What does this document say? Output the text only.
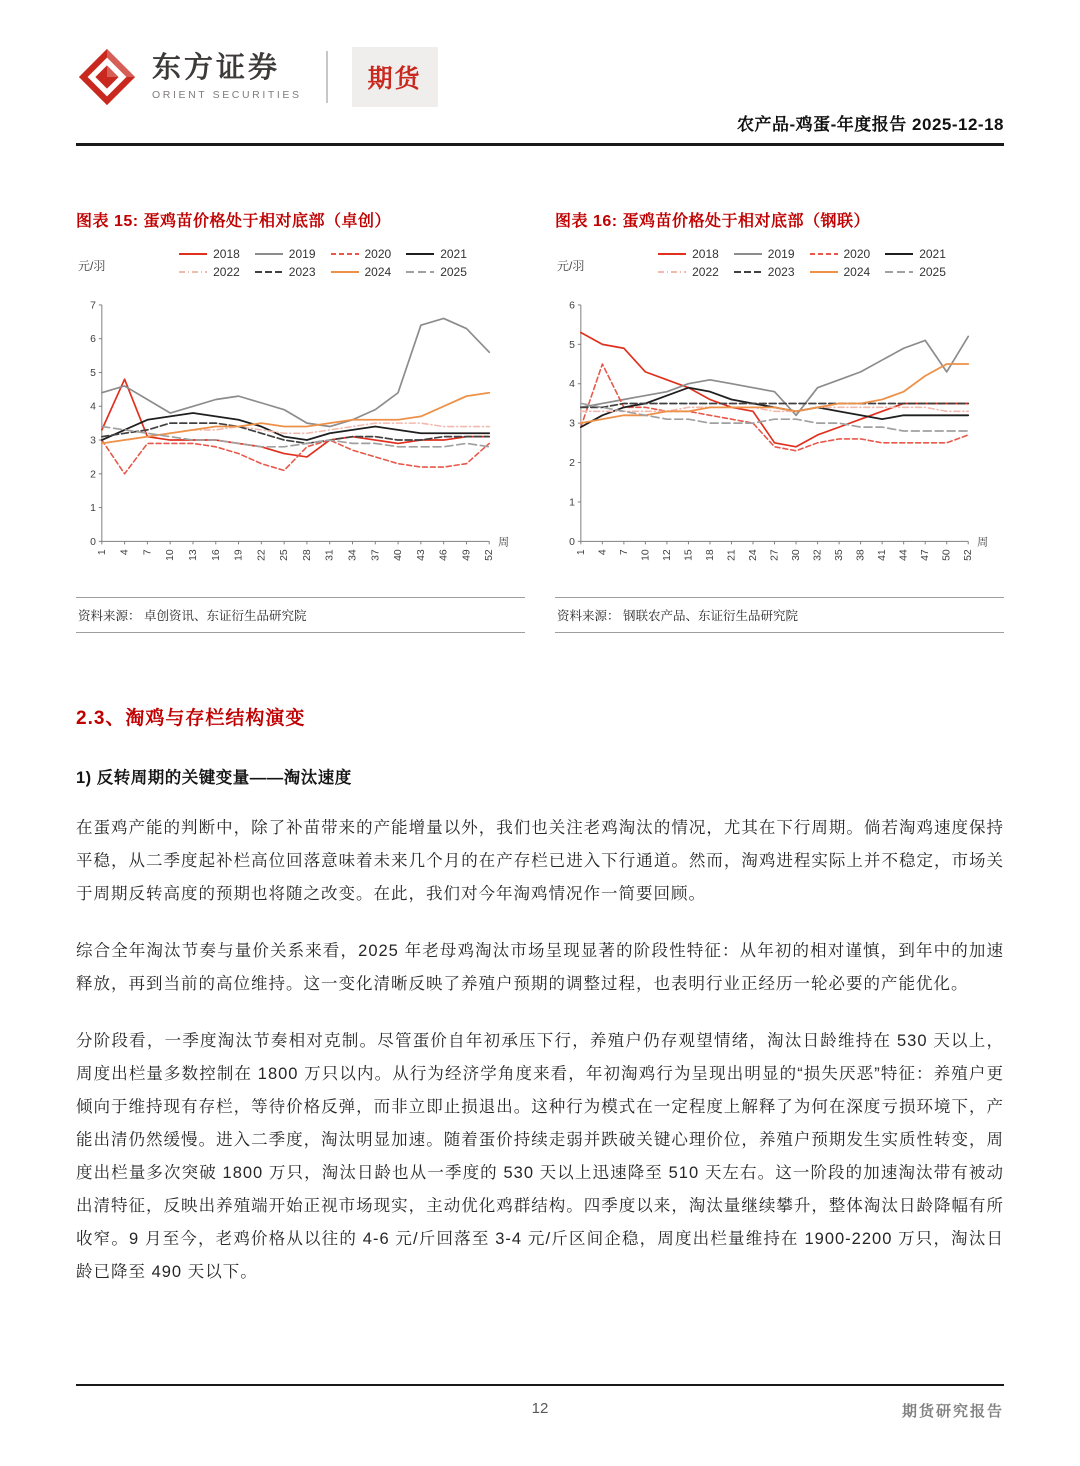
东方证券
ORIENT SECURITIES
期货
农产品-鸡蛋-年度报告 2025-12-18
图表 15: 蛋鸡苗价格处于相对底部（卓创）
元/羽
2018	2019	2020	2021
2022	2023	2024	2025
0
1
2
3
4
5
6
7
1 4 7 10 13 16 19 22 25 28 31 34 37 40 43 46 49 52
周
资料来源： 卓创资讯、东证衍生品研究院
图表 16: 蛋鸡苗价格处于相对底部（钢联）
元/羽
2018	2019	2020	2021
2022	2023	2024	2025
0
1
2
3
4
5
6
1 4 7 10 12 15 18 21 24 27 30 32 35 38 41 44 47 50 52
周
资料来源： 钢联农产品、东证衍生品研究院
2.3、淘鸡与存栏结构演变
1) 反转周期的关键变量——淘汰速度

在蛋鸡产能的判断中，除了补苗带来的产能增量以外，我们也关注老鸡淘汰的情况，尤其在下行周期。倘若淘鸡速度保持平稳，从二季度起补栏高位回落意味着未来几个月的在产存栏已进入下行通道。然而，淘鸡进程实际上并不稳定，市场关于周期反转高度的预期也将随之改变。在此，我们对今年淘鸡情况作一简要回顾。

综合全年淘汰节奏与量价关系来看，2025 年老母鸡淘汰市场呈现显著的阶段性特征：从年初的相对谨慎，到年中的加速释放，再到当前的高位维持。这一变化清晰反映了养殖户预期的调整过程，也表明行业正经历一轮必要的产能优化。

分阶段看，一季度淘汰节奏相对克制。尽管蛋价自年初承压下行，养殖户仍存观望情绪，淘汰日龄维持在 530 天以上，周度出栏量多数控制在 1800 万只以内。从行为经济学角度来看，年初淘鸡行为呈现出明显的“损失厌恶”特征：养殖户更倾向于维持现有存栏，等待价格反弹，而非立即止损退出。这种行为模式在一定程度上解释了为何在深度亏损环境下，产能出清仍然缓慢。进入二季度，淘汰明显加速。随着蛋价持续走弱并跌破关键心理价位，养殖户预期发生实质性转变，周度出栏量多次突破 1800 万只，淘汰日龄也从一季度的 530 天以上迅速降至 510 天左右。这一阶段的加速淘汰带有被动出清特征，反映出养殖端开始正视市场现实，主动优化鸡群结构。四季度以来，淘汰量继续攀升，整体淘汰日龄降幅有所收窄。9 月至今，老鸡价格从以往的 4-6 元/斤回落至 3-4 元/斤区间企稳，周度出栏量维持在 1900-2200 万只，淘汰日龄已降至 490 天以下。

12	期货研究报告
